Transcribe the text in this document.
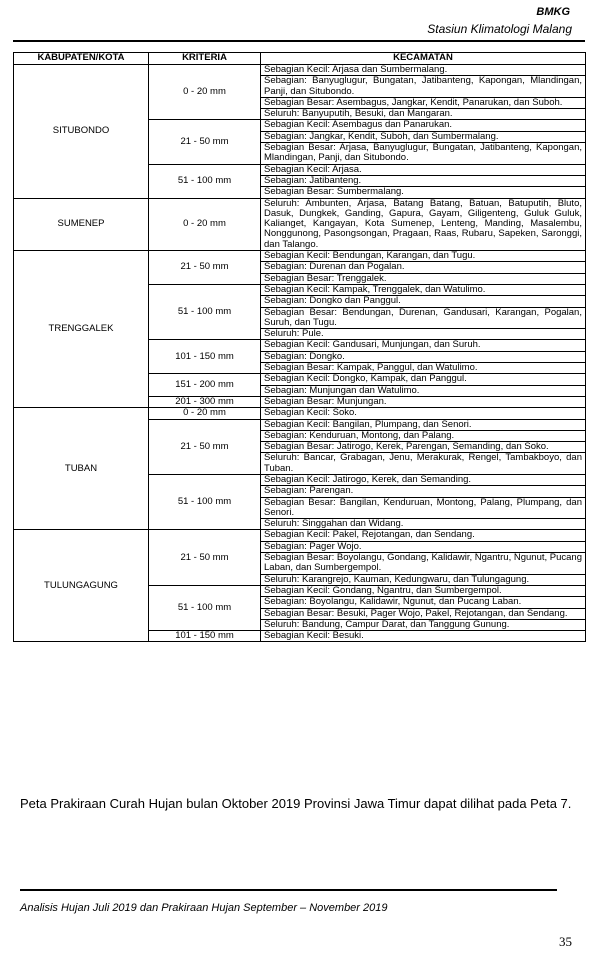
BMKG
Stasiun Klimatologi Malang
KABUPATEN/KOTA	KRITERIA	KECAMATAN
SITUBONDO	0 - 20 mm	Sebagian Kecil: Arjasa dan Sumbermalang.
		Sebagian: Banyuglugur, Bungatan, Jatibanteng, Kapongan, Mlandingan, Panji, dan Situbondo.
		Sebagian Besar: Asembagus, Jangkar, Kendit, Panarukan, dan Suboh.
		Seluruh: Banyuputih, Besuki, dan Mangaran.
	21 - 50 mm	Sebagian Kecil: Asembagus dan Panarukan.
		Sebagian: Jangkar, Kendit, Suboh, dan Sumbermalang.
		Sebagian Besar: Arjasa, Banyuglugur, Bungatan, Jatibanteng, Kapongan, Mlandingan, Panji, dan Situbondo.
	51 - 100 mm	Sebagian Kecil: Arjasa.
		Sebagian: Jatibanteng.
		Sebagian Besar: Sumbermalang.
SUMENEP	0 - 20 mm	Seluruh: Ambunten, Arjasa, Batang Batang, Batuan, Batuputih, Bluto, Dasuk, Dungkek, Ganding, Gapura, Gayam, Giligenteng, Guluk Guluk, Kalianget, Kangayan, Kota Sumenep, Lenteng, Manding, Masalembu, Nonggunong, Pasongsongan, Pragaan, Raas, Rubaru, Sapeken, Saronggi, dan Talango.
TRENGGALEK	21 - 50 mm	Sebagian Kecil: Bendungan, Karangan, dan Tugu.
		Sebagian: Durenan dan Pogalan.
		Sebagian Besar: Trenggalek.
	51 - 100 mm	Sebagian Kecil: Kampak, Trenggalek, dan Watulimo.
		Sebagian: Dongko dan Panggul.
		Sebagian Besar: Bendungan, Durenan, Gandusari, Karangan, Pogalan, Suruh, dan Tugu.
		Seluruh: Pule.
	101 - 150 mm	Sebagian Kecil: Gandusari, Munjungan, dan Suruh.
		Sebagian: Dongko.
		Sebagian Besar: Kampak, Panggul, dan Watulimo.
	151 - 200 mm	Sebagian Kecil: Dongko, Kampak, dan Panggul.
		Sebagian: Munjungan dan Watulimo.
	201 - 300 mm	Sebagian Besar: Munjungan.
TUBAN	0 - 20 mm	Sebagian Kecil: Soko.
	21 - 50 mm	Sebagian Kecil: Bangilan, Plumpang, dan Senori.
		Sebagian: Kenduruan, Montong, dan Palang.
		Sebagian Besar: Jatirogo, Kerek, Parengan, Semanding, dan Soko.
		Seluruh: Bancar, Grabagan, Jenu, Merakurak, Rengel, Tambakboyo, dan Tuban.
	51 - 100 mm	Sebagian Kecil: Jatirogo, Kerek, dan Semanding.
		Sebagian: Parengan.
		Sebagian Besar: Bangilan, Kenduruan, Montong, Palang, Plumpang, dan Senori.
		Seluruh: Singgahan dan Widang.
TULUNGAGUNG	21 - 50 mm	Sebagian Kecil: Pakel, Rejotangan, dan Sendang.
		Sebagian: Pager Wojo.
		Sebagian Besar: Boyolangu, Gondang, Kalidawir, Ngantru, Ngunut, Pucang Laban, dan Sumbergempol.
		Seluruh: Karangrejo, Kauman, Kedungwaru, dan Tulungagung.
	51 - 100 mm	Sebagian Kecil: Gondang, Ngantru, dan Sumbergempol.
		Sebagian: Boyolangu, Kalidawir, Ngunut, dan Pucang Laban.
		Sebagian Besar: Besuki, Pager Wojo, Pakel, Rejotangan, dan Sendang.
		Seluruh: Bandung, Campur Darat, dan Tanggung Gunung.
	101 - 150 mm	Sebagian Kecil: Besuki.
Peta Prakiraan Curah Hujan bulan Oktober 2019 Provinsi Jawa Timur dapat dilihat pada Peta 7.
Analisis Hujan Juli 2019 dan Prakiraan Hujan September – November 2019
35
